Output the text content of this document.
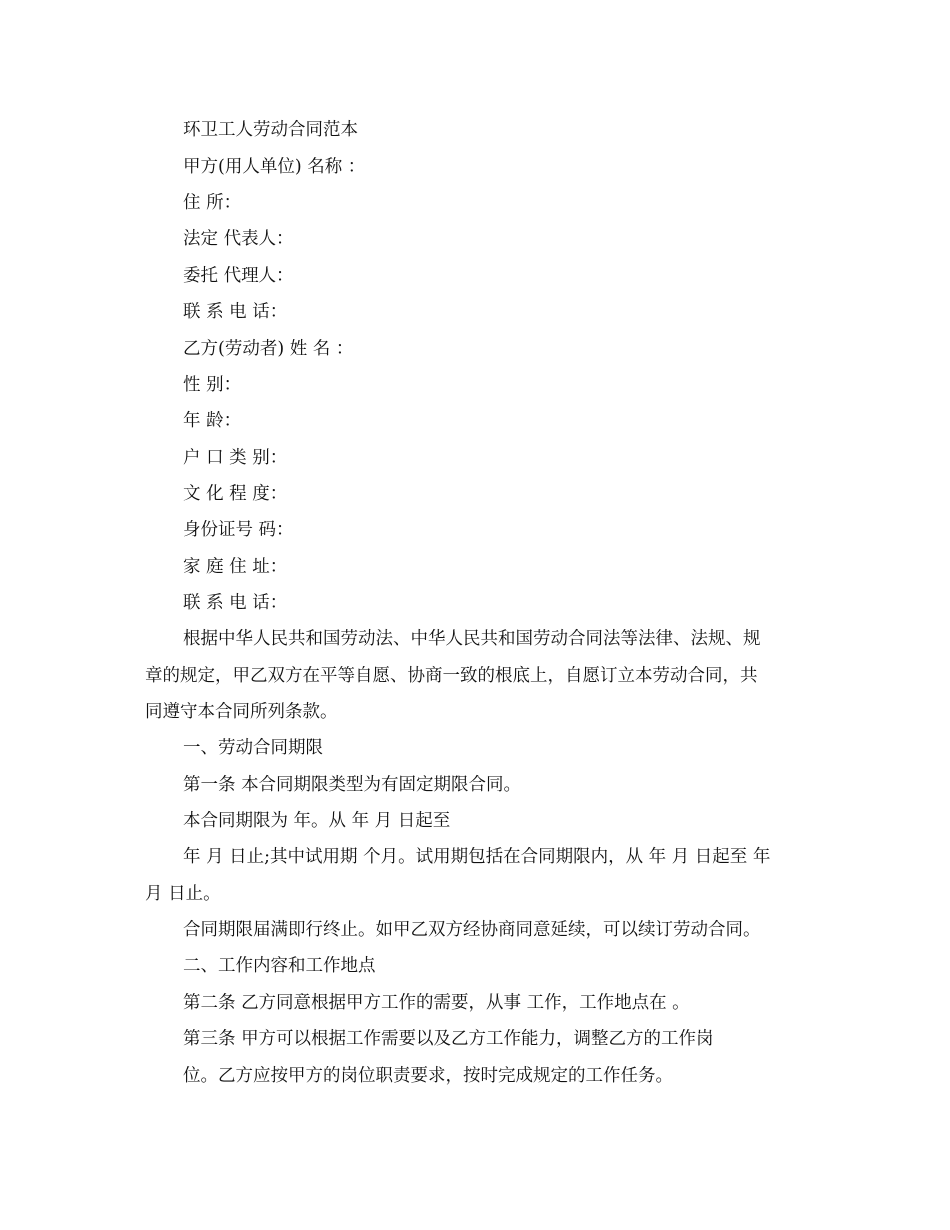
环卫工人劳动合同范本
甲方(用人单位) 名称 ：
住 所：
法定 代表人：
委托 代理人：
联 系 电 话：
乙方(劳动者) 姓 名 ：
性 别：
年 龄：
户 口 类 别：
文 化 程 度：
身份证号 码：
家 庭 住 址：
联 系 电 话：
根据中华人民共和国劳动法、中华人民共和国劳动合同法等法律、法规、规
章的规定，甲乙双方在平等自愿、协商一致的根底上，自愿订立本劳动合同，共
同遵守本合同所列条款。
一、劳动合同期限
第一条 本合同期限类型为有固定期限合同。
本合同期限为 年。从 年 月 日起至
年 月 日止;其中试用期 个月。试用期包括在合同期限内，从 年 月 日起至 年
月 日止。
合同期限届满即行终止。如甲乙双方经协商同意延续，可以续订劳动合同。
二、工作内容和工作地点
第二条 乙方同意根据甲方工作的需要，从事 工作，工作地点在 。
第三条 甲方可以根据工作需要以及乙方工作能力，调整乙方的工作岗
位。乙方应按甲方的岗位职责要求，按时完成规定的工作任务。
